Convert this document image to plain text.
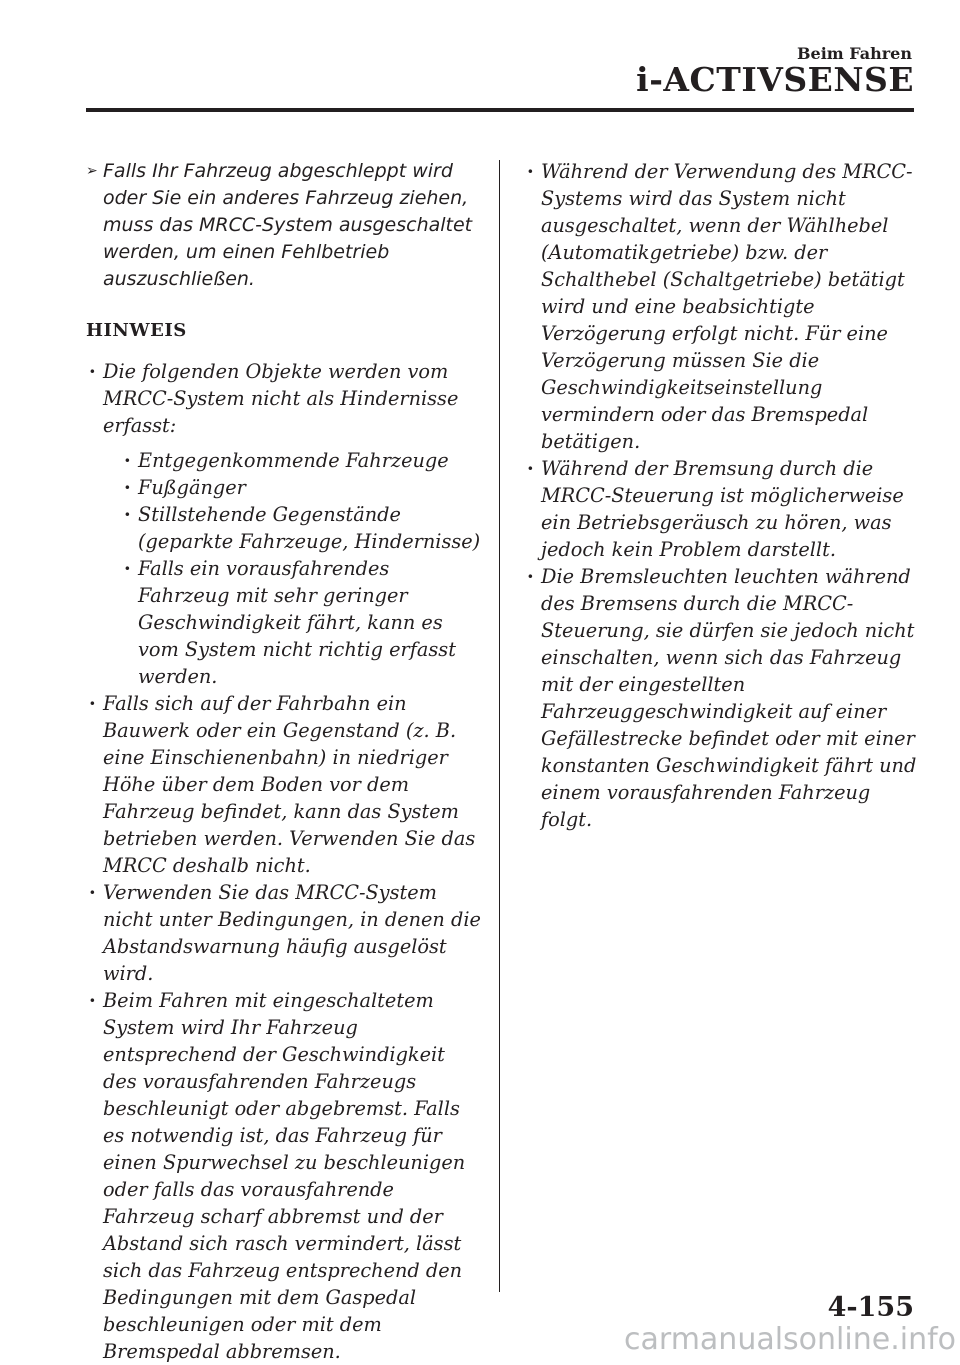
Beim Fahren
i-ACTIVSENSE
➢ Falls Ihr Fahrzeug abgeschleppt wird oder Sie ein anderes Fahrzeug ziehen, muss das MRCC-System ausgeschaltet werden, um einen Fehlbetrieb auszuschließen.
HINWEIS
· Die folgenden Objekte werden vom MRCC-System nicht als Hindernisse erfasst:
· Entgegenkommende Fahrzeuge
· Fußgänger
· Stillstehende Gegenstände (geparkte Fahrzeuge, Hindernisse)
· Falls ein vorausfahrendes Fahrzeug mit sehr geringer Geschwindigkeit fährt, kann es vom System nicht richtig erfasst werden.
· Falls sich auf der Fahrbahn ein Bauwerk oder ein Gegenstand (z. B. eine Einschienenbahn) in niedriger Höhe über dem Boden vor dem Fahrzeug befindet, kann das System betrieben werden. Verwenden Sie das MRCC deshalb nicht.
· Verwenden Sie das MRCC-System nicht unter Bedingungen, in denen die Abstandswarnung häufig ausgelöst wird.
· Beim Fahren mit eingeschaltetem System wird Ihr Fahrzeug entsprechend der Geschwindigkeit des vorausfahrenden Fahrzeugs beschleunigt oder abgebremst. Falls es notwendig ist, das Fahrzeug für einen Spurwechsel zu beschleunigen oder falls das vorausfahrende Fahrzeug scharf abbremst und der Abstand sich rasch vermindert, lässt sich das Fahrzeug entsprechend den Bedingungen mit dem Gaspedal beschleunigen oder mit dem Bremspedal abbremsen.
· Während der Verwendung des MRCC-Systems wird das System nicht ausgeschaltet, wenn der Wählhebel (Automatikgetriebe) bzw. der Schalthebel (Schaltgetriebe) betätigt wird und eine beabsichtigte Verzögerung erfolgt nicht. Für eine Verzögerung müssen Sie die Geschwindigkeitseinstellung vermindern oder das Bremspedal betätigen.
· Während der Bremsung durch die MRCC-Steuerung ist möglicherweise ein Betriebsgeräusch zu hören, was jedoch kein Problem darstellt.
· Die Bremsleuchten leuchten während des Bremsens durch die MRCC-Steuerung, sie dürfen sie jedoch nicht einschalten, wenn sich das Fahrzeug mit der eingestellten Fahrzeuggeschwindigkeit auf einer Gefällestrecke befindet oder mit einer konstanten Geschwindigkeit fährt und einem vorausfahrenden Fahrzeug folgt.
4-155
carmanualsonline.info
